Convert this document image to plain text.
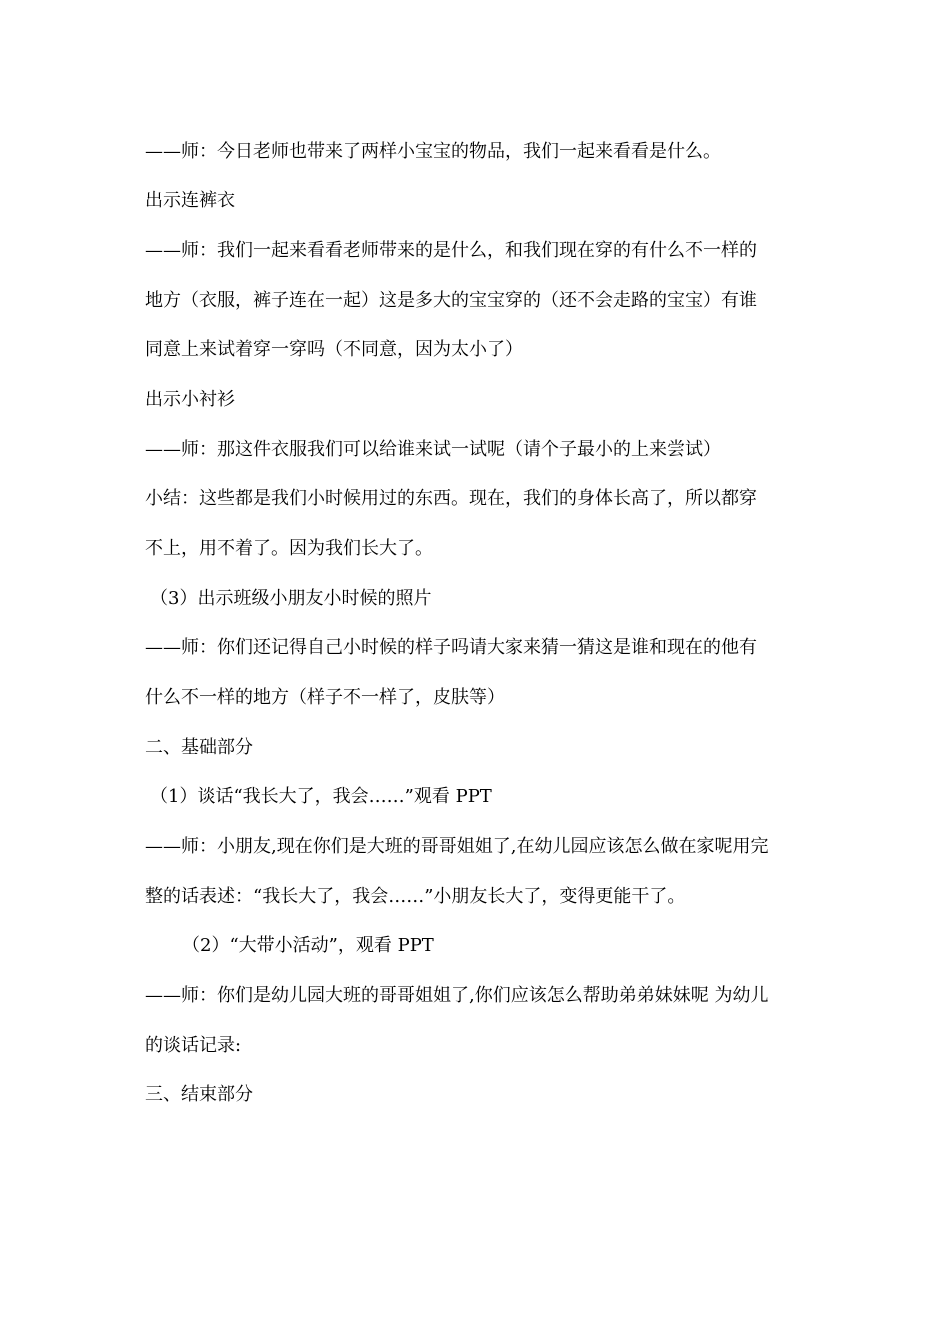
——师：今日老师也带来了两样小宝宝的物品，我们一起来看看是什么。
出示连裤衣
——师：我们一起来看看老师带来的是什么，和我们现在穿的有什么不一样的
地方（衣服，裤子连在一起）这是多大的宝宝穿的（还不会走路的宝宝）有谁
同意上来试着穿一穿吗（不同意，因为太小了）
出示小衬衫
——师：那这件衣服我们可以给谁来试一试呢（请个子最小的上来尝试）
小结：这些都是我们小时候用过的东西。现在，我们的身体长高了，所以都穿
不上，用不着了。因为我们长大了。
（3）出示班级小朋友小时候的照片
——师：你们还记得自己小时候的样子吗请大家来猜一猜这是谁和现在的他有
什么不一样的地方（样子不一样了，皮肤等）
二、基础部分
（1）谈话“我长大了，我会……”观看 PPT
——师：小朋友,现在你们是大班的哥哥姐姐了,在幼儿园应该怎么做在家呢用完
整的话表述：“我长大了，我会……”小朋友长大了，变得更能干了。
（2）“大带小活动”，观看 PPT
——师：你们是幼儿园大班的哥哥姐姐了,你们应该怎么帮助弟弟妹妹呢 为幼儿
的谈话记录:
三、结束部分
